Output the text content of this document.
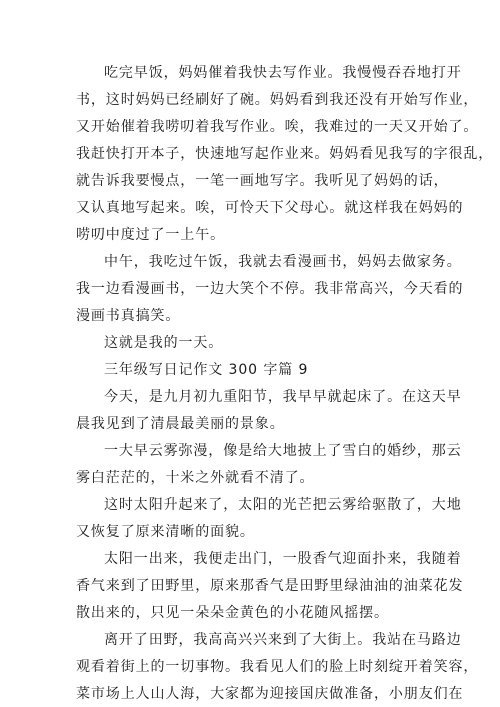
吃完早饭，妈妈催着我快去写作业。我慢慢吞吞地打开
书，这时妈妈已经刷好了碗。妈妈看到我还没有开始写作业，
又开始催着我唠叨着我写作业。唉，我难过的一天又开始了。
我赶快打开本子，快速地写起作业来。妈妈看见我写的字很乱，
就告诉我要慢点，一笔一画地写字。我听见了妈妈的话，
又认真地写起来。唉，可怜天下父母心。就这样我在妈妈的
唠叨中度过了一上午。
中午，我吃过午饭，我就去看漫画书，妈妈去做家务。
我一边看漫画书，一边大笑个不停。我非常高兴，今天看的
漫画书真搞笑。
这就是我的一天。
三年级写日记作文 300 字篇 9
今天，是九月初九重阳节，我早早就起床了。在这天早
晨我见到了清晨最美丽的景象。
一大早云雾弥漫，像是给大地披上了雪白的婚纱，那云
雾白茫茫的，十米之外就看不清了。
这时太阳升起来了，太阳的光芒把云雾给驱散了，大地
又恢复了原来清晰的面貌。
太阳一出来，我便走出门，一股香气迎面扑来，我随着
香气来到了田野里，原来那香气是田野里绿油油的油菜花发
散出来的，只见一朵朵金黄色的小花随风摇摆。
离开了田野，我高高兴兴来到了大街上。我站在马路边
观看着街上的一切事物。我看见人们的脸上时刻绽开着笑容，
菜市场上人山人海，大家都为迎接国庆做准备，小朋友们在
